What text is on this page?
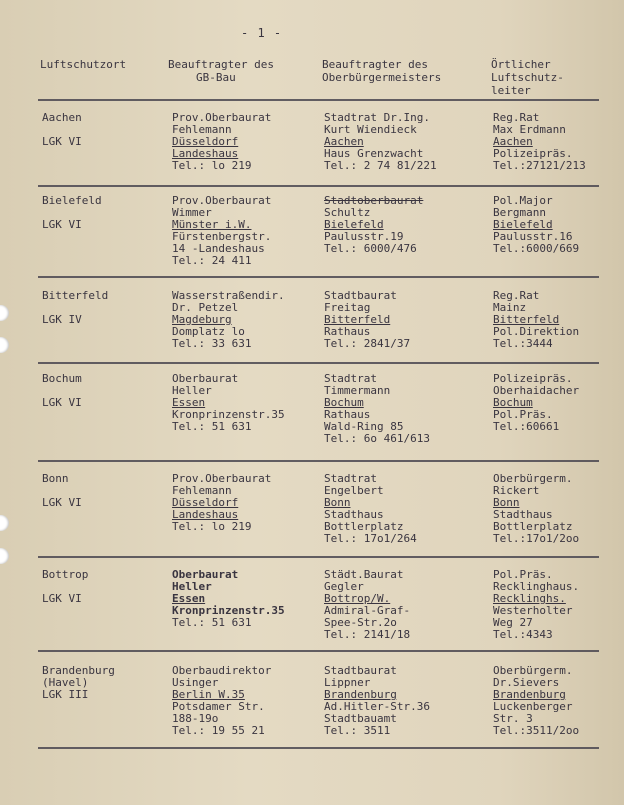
- 1 -
Luftschutzort	Beauftragter des
GB-Bau
Beauftragter des
Oberbürgermeisters
Örtlicher
Luftschutz-
leiter
Aachen
LGK VI
Prov.Oberbaurat
Fehlemann
Düsseldorf
Landeshaus
Tel.: lo 219
Stadtrat Dr.Ing.
Kurt Wiendieck
Aachen
Haus Grenzwacht
Tel.: 2 74 81/221
Reg.Rat
Max Erdmann
Aachen
Polizeipräs.
Tel.:27121/213
Bielefeld
LGK VI
Prov.Oberbaurat
Wimmer
Münster i.W.
Fürstenbergstr.
14 -Landeshaus
Tel.: 24 411
Stadtoberbaurat
Schultz
Bielefeld
Paulusstr.19
Tel.: 6000/476
Pol.Major
Bergmann
Bielefeld
Paulusstr.16
Tel.:6000/669
Bitterfeld
LGK IV
Wasserstraßendir.
Dr. Petzel
Magdeburg
Domplatz lo
Tel.: 33 631
Stadtbaurat
Freitag
Bitterfeld
Rathaus
Tel.: 2841/37
Reg.Rat
Mainz
Bitterfeld
Pol.Direktion
Tel.:3444
Bochum
LGK VI
Oberbaurat
Heller
Essen
Kronprinzenstr.35
Tel.: 51 631
Stadtrat
Timmermann
Bochum
Rathaus
Wald-Ring 85
Tel.: 6o 461/613
Polizeipräs.
Oberhaidacher
Bochum
Pol.Präs.
Tel.:60661
Bonn
LGK VI
Prov.Oberbaurat
Fehlemann
Düsseldorf
Landeshaus
Tel.: lo 219
Stadtrat
Engelbert
Bonn
Stadthaus
Bottlerplatz
Tel.: 17o1/264
Oberbürgerm.
Rickert
Bonn
Stadthaus
Bottlerplatz
Tel.:17o1/2oo
Bottrop
LGK VI
Oberbaurat
Heller
Essen
Kronprinzenstr.35
Tel.: 51 631
Städt.Baurat
Gegler
Bottrop/W.
Admiral-Graf-
Spee-Str.2o
Tel.: 2141/18
Pol.Präs.
Recklinghaus.
Recklinghs.
Westerholter
Weg 27
Tel.:4343
Brandenburg
(Havel)
LGK III
Oberbaudirektor
Usinger
Berlin W.35
Potsdamer Str.
188-19o
Tel.: 19 55 21
Stadtbaurat
Lippner
Brandenburg
Ad.Hitler-Str.36
Stadtbauamt
Tel.: 3511
Oberbürgerm.
Dr.Sievers
Brandenburg
Luckenberger
Str. 3
Tel.:3511/2oo
